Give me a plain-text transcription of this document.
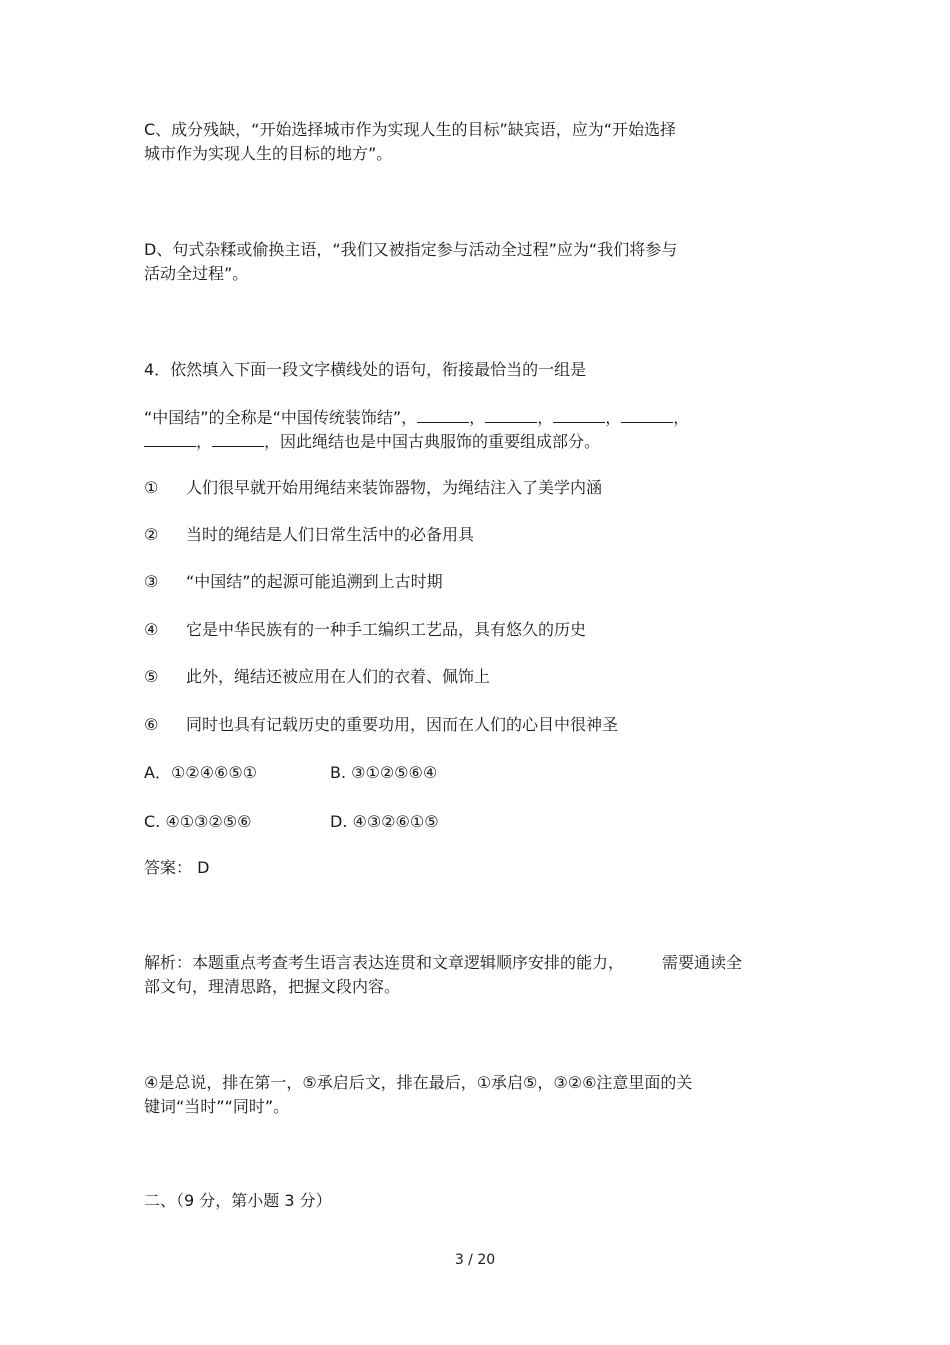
C、成分残缺，“开始选择城市作为实现人生的目标”缺宾语，应为“开始选择
城市作为实现人生的目标的地方”。
D、句式杂糅或偷换主语，“我们又被指定参与活动全过程”应为“我们将参与
活动全过程”。
4．依然填入下面一段文字横线处的语句，衔接最恰当的一组是
“中国结”的全称是“中国传统装饰结”，	，	，	，	，
，	，因此绳结也是中国古典服饰的重要组成部分。
① 人们很早就开始用绳结来装饰器物，为绳结注入了美学内涵
② 当时的绳结是人们日常生活中的必备用具
③ “中国结”的起源可能追溯到上古时期
④ 它是中华民族有的一种手工编织工艺品，具有悠久的历史
⑤ 此外，绳结还被应用在人们的衣着、佩饰上
⑥ 同时也具有记载历史的重要功用，因而在人们的心目中很神圣
A．①②④⑥⑤①	B. ③①②⑤⑥④
C. ④①③②⑤⑥	D. ④③②⑥①⑤
答案： D
解析：本题重点考查考生语言表达连贯和文章逻辑顺序安排的能力， 需要通读全
部文句，理清思路，把握文段内容。
④是总说，排在第一，⑤承启后文，排在最后，①承启⑤，③②⑥注意里面的关
键词“当时”“同时”。
二、（9 分，第小题 3 分）
3 / 20
